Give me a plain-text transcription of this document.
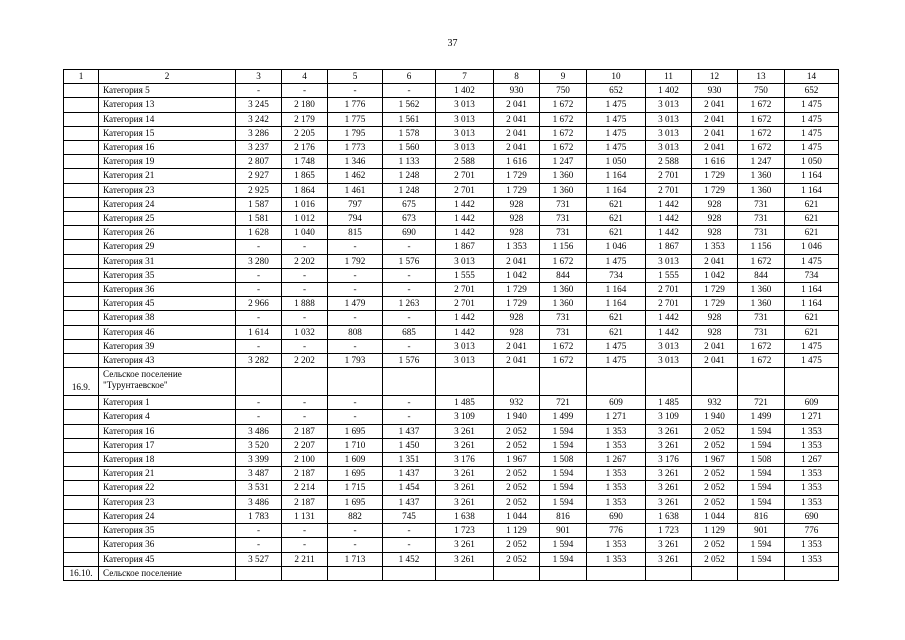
37
1	2	3	4	5	6	7	8	9	10	11	12	13	14
	Категория 5	-	-	-	-	1 402	930	750	652	1 402	930	750	652
	Категория 13	3 245	2 180	1 776	1 562	3 013	2 041	1 672	1 475	3 013	2 041	1 672	1 475
	Категория 14	3 242	2 179	1 775	1 561	3 013	2 041	1 672	1 475	3 013	2 041	1 672	1 475
	Категория 15	3 286	2 205	1 795	1 578	3 013	2 041	1 672	1 475	3 013	2 041	1 672	1 475
	Категория 16	3 237	2 176	1 773	1 560	3 013	2 041	1 672	1 475	3 013	2 041	1 672	1 475
	Категория 19	2 807	1 748	1 346	1 133	2 588	1 616	1 247	1 050	2 588	1 616	1 247	1 050
	Категория 21	2 927	1 865	1 462	1 248	2 701	1 729	1 360	1 164	2 701	1 729	1 360	1 164
	Категория 23	2 925	1 864	1 461	1 248	2 701	1 729	1 360	1 164	2 701	1 729	1 360	1 164
	Категория 24	1 587	1 016	797	675	1 442	928	731	621	1 442	928	731	621
	Категория 25	1 581	1 012	794	673	1 442	928	731	621	1 442	928	731	621
	Категория 26	1 628	1 040	815	690	1 442	928	731	621	1 442	928	731	621
	Категория 29	-	-	-	-	1 867	1 353	1 156	1 046	1 867	1 353	1 156	1 046
	Категория 31	3 280	2 202	1 792	1 576	3 013	2 041	1 672	1 475	3 013	2 041	1 672	1 475
	Категория 35	-	-	-	-	1 555	1 042	844	734	1 555	1 042	844	734
	Категория 36	-	-	-	-	2 701	1 729	1 360	1 164	2 701	1 729	1 360	1 164
	Категория 45	2 966	1 888	1 479	1 263	2 701	1 729	1 360	1 164	2 701	1 729	1 360	1 164
	Категория 38	-	-	-	-	1 442	928	731	621	1 442	928	731	621
	Категория 46	1 614	1 032	808	685	1 442	928	731	621	1 442	928	731	621
	Категория 39	-	-	-	-	3 013	2 041	1 672	1 475	3 013	2 041	1 672	1 475
	Категория 43	3 282	2 202	1 793	1 576	3 013	2 041	1 672	1 475	3 013	2 041	1 672	1 475
16.9.	Сельское поселение "Турунтаевское"												
	Категория 1	-	-	-	-	1 485	932	721	609	1 485	932	721	609
	Категория 4	-	-	-	-	3 109	1 940	1 499	1 271	3 109	1 940	1 499	1 271
	Категория 16	3 486	2 187	1 695	1 437	3 261	2 052	1 594	1 353	3 261	2 052	1 594	1 353
	Категория 17	3 520	2 207	1 710	1 450	3 261	2 052	1 594	1 353	3 261	2 052	1 594	1 353
	Категория 18	3 399	2 100	1 609	1 351	3 176	1 967	1 508	1 267	3 176	1 967	1 508	1 267
	Категория 21	3 487	2 187	1 695	1 437	3 261	2 052	1 594	1 353	3 261	2 052	1 594	1 353
	Категория 22	3 531	2 214	1 715	1 454	3 261	2 052	1 594	1 353	3 261	2 052	1 594	1 353
	Категория 23	3 486	2 187	1 695	1 437	3 261	2 052	1 594	1 353	3 261	2 052	1 594	1 353
	Категория 24	1 783	1 131	882	745	1 638	1 044	816	690	1 638	1 044	816	690
	Категория 35	-	-	-	-	1 723	1 129	901	776	1 723	1 129	901	776
	Категория 36	-	-	-	-	3 261	2 052	1 594	1 353	3 261	2 052	1 594	1 353
	Категория 45	3 527	2 211	1 713	1 452	3 261	2 052	1 594	1 353	3 261	2 052	1 594	1 353
16.10.	Сельское поселение												
